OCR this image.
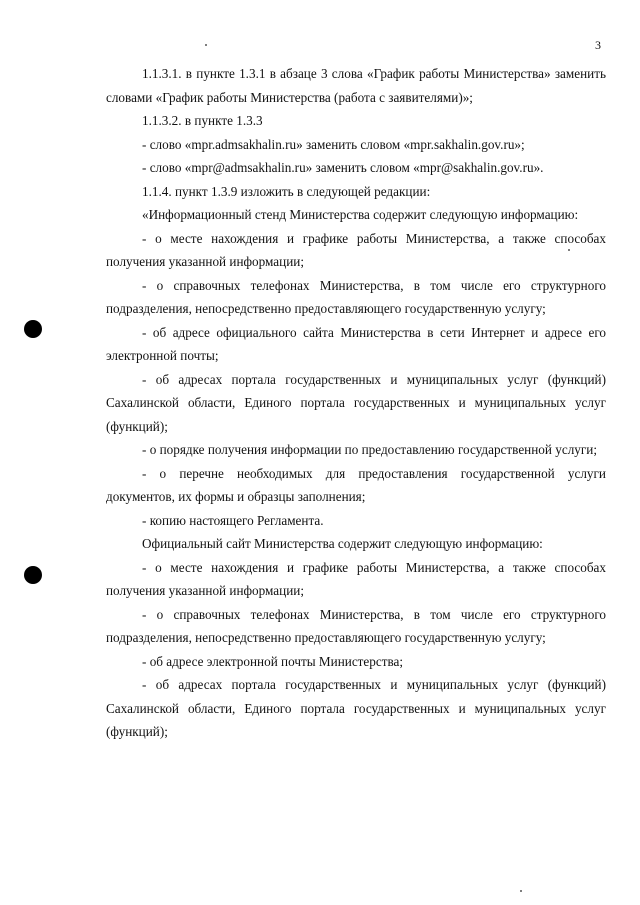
3

1.1.3.1. в пункте 1.3.1 в абзаце 3 слова «График работы Министерства» заменить словами «График работы Министерства (работа с заявителями)»;

1.1.3.2. в пункте 1.3.3

- слово «mpr.admsakhalin.ru» заменить словом «mpr.sakhalin.gov.ru»;

- слово «mpr@admsakhalin.ru» заменить словом «mpr@sakhalin.gov.ru».

1.1.4. пункт 1.3.9 изложить в следующей редакции:

«Информационный стенд Министерства содержит следующую информацию:

- о месте нахождения и графике работы Министерства, а также способах получения указанной информации;

- о справочных телефонах Министерства, в том числе его структурного подразделения, непосредственно предоставляющего государственную услугу;

- об адресе официального сайта Министерства в сети Интернет и адресе его электронной почты;

- об адресах портала государственных и муниципальных услуг (функций) Сахалинской области, Единого портала государственных и муниципальных услуг (функций);

- о порядке получения информации по предоставлению государственной услуги;

- о перечне необходимых для предоставления государственной услуги документов, их формы и образцы заполнения;

- копию настоящего Регламента.

Официальный сайт Министерства содержит следующую информацию:

- о месте нахождения и графике работы Министерства, а также способах получения указанной информации;

- о справочных телефонах Министерства, в том числе его структурного подразделения, непосредственно предоставляющего государственную услугу;

- об адресе электронной почты Министерства;

- об адресах портала государственных и муниципальных услуг (функций) Сахалинской области, Единого портала государственных и муниципальных услуг (функций);
